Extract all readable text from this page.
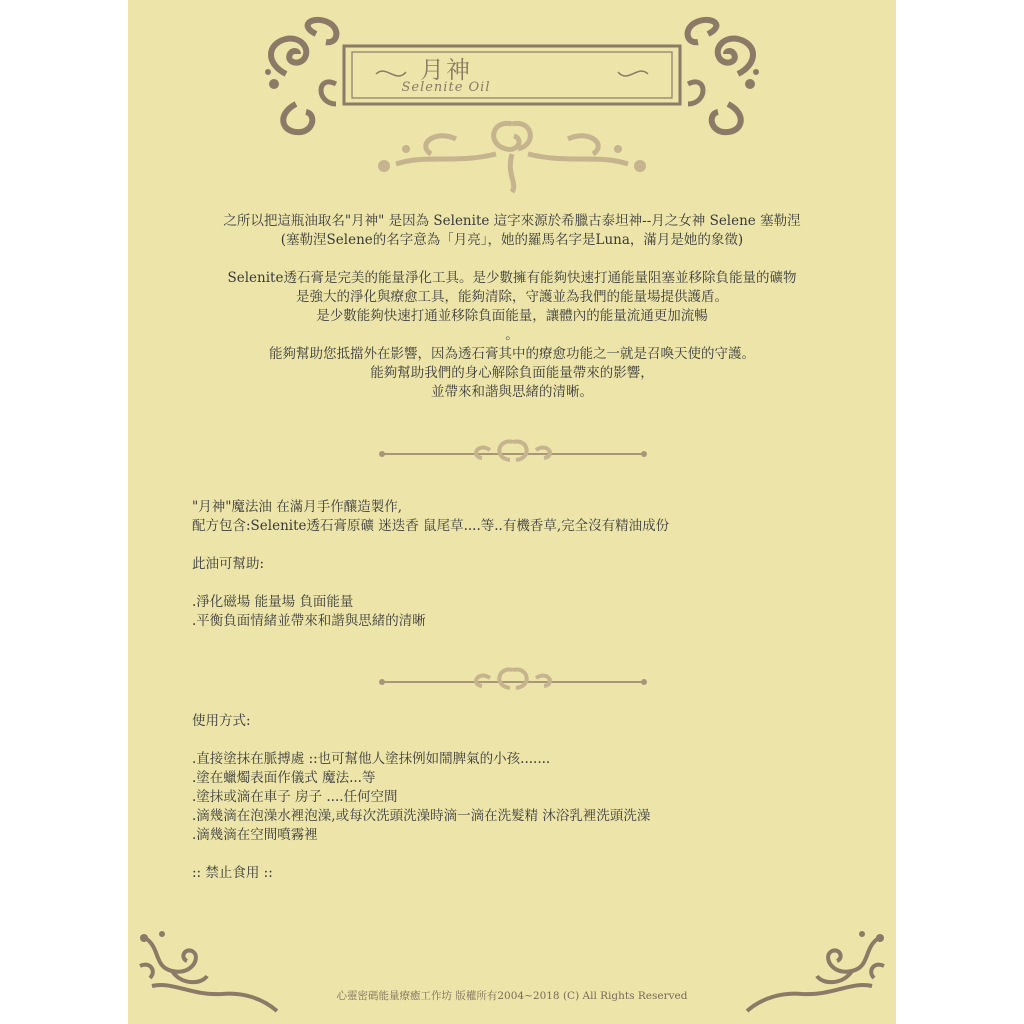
月神
Selenite Oil

之所以把這瓶油取名"月神" 是因為 Selenite 這字來源於希臘古泰坦神--月之女神 Selene 塞勒涅

(塞勒涅Selene的名字意為「月亮」，她的羅馬名字是Luna，滿月是她的象徵)

Selenite透石膏是完美的能量淨化工具。是少數擁有能夠快速打通能量阻塞並移除負能量的礦物

是強大的淨化與療愈工具，能夠清除，守護並為我們的能量場提供護盾。

是少數能夠快速打通並移除負面能量，讓體內的能量流通更加流暢

。

能夠幫助您抵擋外在影響，因為透石膏其中的療愈功能之一就是召喚天使的守護。

能夠幫助我們的身心解除負面能量帶來的影響，

並帶來和諧與思緒的清晰。

"月神"魔法油 在滿月手作釀造製作,

配方包含:Selenite透石膏原礦 迷迭香 鼠尾草....等..有機香草,完全沒有精油成份

此油可幫助:

.淨化磁場 能量場 負面能量

.平衡負面情緒並帶來和諧與思緒的清晰

使用方式:

.直接塗抹在脈搏處 ::也可幫他人塗抹例如鬧脾氣的小孩.......

.塗在蠟燭表面作儀式 魔法...等

.塗抹或滴在車子 房子 ....任何空間

.滴幾滴在泡澡水裡泡澡,或每次洗頭洗澡時滴一滴在洗髮精 沐浴乳裡洗頭洗澡

.滴幾滴在空間噴霧裡

:: 禁止食用 ::

心靈密碼能量療癒工作坊 版權所有2004~2018 (C) All Rights Reserved
